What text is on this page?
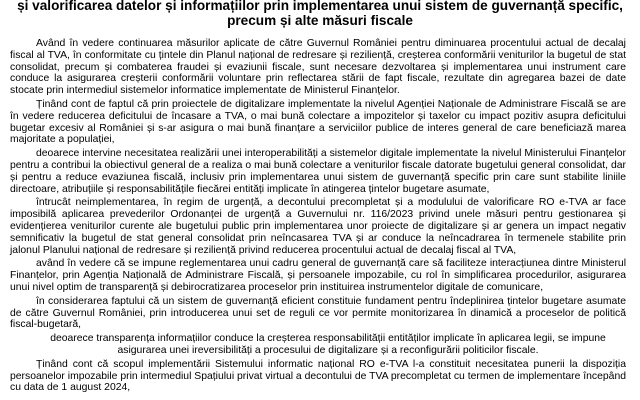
și valorificarea datelor și informațiilor prin implementarea unui sistem de guvernanță specific,
precum și alte măsuri fiscale

Având în vedere continuarea măsurilor aplicate de către Guvernul României pentru diminuarea procentului actual de decalaj fiscal al TVA, în conformitate cu țintele din Planul național de redresare și reziliență, creșterea conformării veniturilor la bugetul de stat consolidat, precum și combaterea fraudei și evaziunii fiscale, sunt necesare dezvoltarea și implementarea unui instrument care conduce la asigurarea creșterii conformării voluntare prin reflectarea stării de fapt fiscale, rezultate din agregarea bazei de date stocate prin intermediul sistemelor informatice implementate de Ministerul Finanțelor.

Ținând cont de faptul că prin proiectele de digitalizare implementate la nivelul Agenției Naționale de Administrare Fiscală se are în vedere reducerea deficitului de încasare a TVA, o mai bună colectare a impozitelor și taxelor cu impact pozitiv asupra deficitului bugetar excesiv al României și s-ar asigura o mai bună finanțare a serviciilor publice de interes general de care beneficiază marea majoritate a populației,

deoarece intervine necesitatea realizării unei interoperabilități a sistemelor digitale implementate la nivelul Ministerului Finanțelor pentru a contribui la obiectivul general de a realiza o mai bună colectare a veniturilor fiscale datorate bugetului general consolidat, dar și pentru a reduce evaziunea fiscală, inclusiv prin implementarea unui sistem de guvernanță specific prin care sunt stabilite liniile directoare, atribuțiile și responsabilitățile fiecărei entități implicate în atingerea țintelor bugetare asumate,

întrucât neimplementarea, în regim de urgență, a decontului precompletat și a modulului de valorificare RO e-TVA ar face imposibilă aplicarea prevederilor Ordonanței de urgență a Guvernului nr. 116/2023 privind unele măsuri pentru gestionarea și evidențierea veniturilor curente ale bugetului public prin implementarea unor proiecte de digitalizare și ar genera un impact negativ semnificativ la bugetul de stat general consolidat prin neîncasarea TVA și ar conduce la neîncadrarea în termenele stabilite prin jalonul Planului național de redresare și reziliență privind reducerea procentului actual de decalaj fiscal al TVA,

având în vedere că se impune reglementarea unui cadru general de guvernanță care să faciliteze interacțiunea dintre Ministerul Finanțelor, prin Agenția Națională de Administrare Fiscală, și persoanele impozabile, cu rol în simplificarea procedurilor, asigurarea unui nivel optim de transparență și debirocratizarea proceselor prin instituirea instrumentelor digitale de comunicare,

în considerarea faptului că un sistem de guvernanță eficient constituie fundament pentru îndeplinirea țintelor bugetare asumate de către Guvernul României, prin introducerea unui set de reguli ce vor permite monitorizarea în dinamică a proceselor de politică fiscal-bugetară,

deoarece transparența informațiilor conduce la creșterea responsabilității entităților implicate în aplicarea legii, se impune asigurarea unei ireversibilități a procesului de digitalizare și a reconfigurării politicilor fiscale.

Ținând cont că scopul implementării Sistemului informatic național RO e-TVA l-a constituit necesitatea punerii la dispoziția persoanelor impozabile prin intermediul Spațiului privat virtual a decontului de TVA precompletat cu termen de implementare începând cu data de 1 august 2024,
